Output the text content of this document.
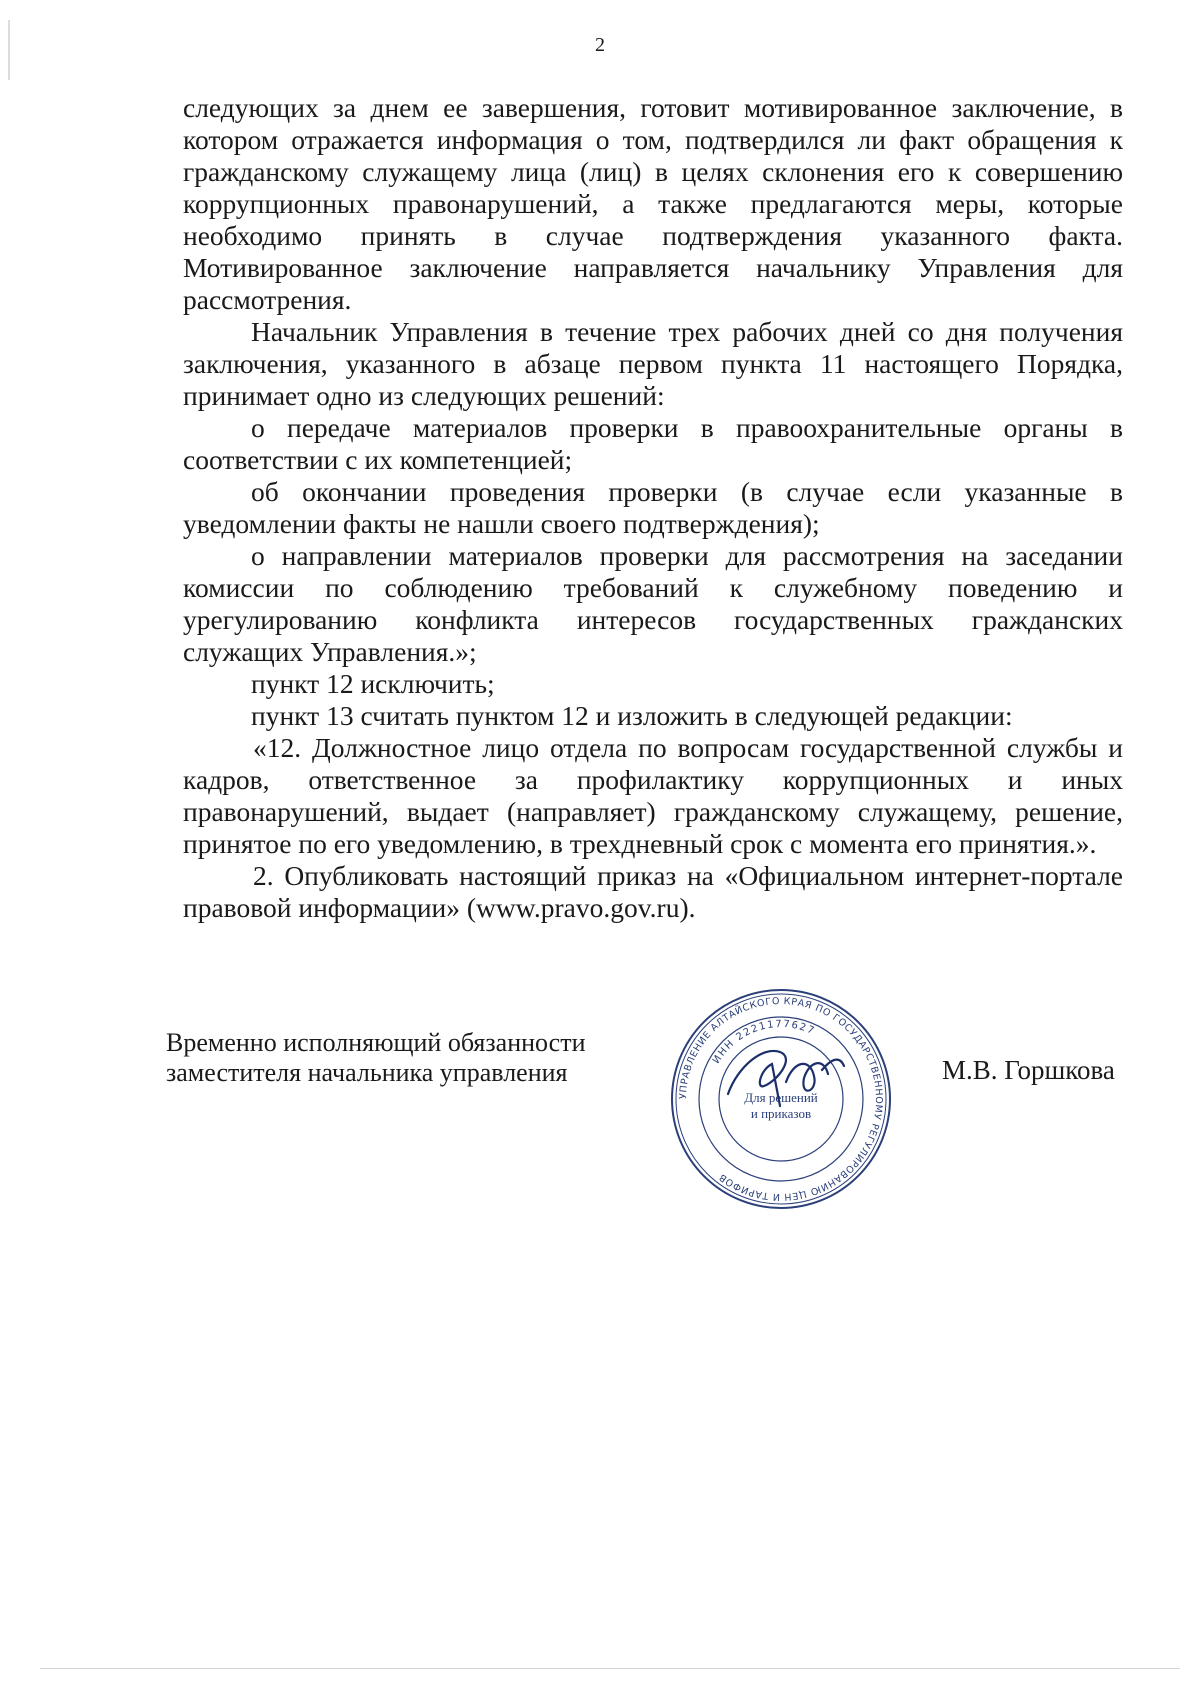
2

следующих за днем ее завершения, готовит мотивированное заключение, в котором отражается информация о том, подтвердился ли факт обращения к гражданскому служащему лица (лиц) в целях склонения его к совершению коррупционных правонарушений, а также предлагаются меры, которые необходимо принять в случае подтверждения указанного факта. Мотивированное заключение направляется начальнику Управления для рассмотрения.

Начальник Управления в течение трех рабочих дней со дня получения заключения, указанного в абзаце первом пункта 11 настоящего Порядка, принимает одно из следующих решений:

о передаче материалов проверки в правоохранительные органы в соответствии с их компетенцией;

об окончании проведения проверки (в случае если указанные в уведомлении факты не нашли своего подтверждения);

о направлении материалов проверки для рассмотрения на заседании комиссии по соблюдению требований к служебному поведению и урегулированию конфликта интересов государственных гражданских служащих Управления.»;

пункт 12 исключить;

пункт 13 считать пунктом 12 и изложить в следующей редакции:

«12. Должностное лицо отдела по вопросам государственной службы и кадров, ответственное за профилактику коррупционных и иных правонарушений, выдает (направляет) гражданскому служащему, решение, принятое по его уведомлению, в трехдневный срок с момента его принятия.».

2. Опубликовать настоящий приказ на «Официальном интернет-портале правовой информации» (www.pravo.gov.ru).

Временно исполняющий обязанности
заместителя начальника управления
УПРАВЛЕНИЕ АЛТАЙСКОГО КРАЯ ПО ГОСУДАРСТВЕННОМУ РЕГУЛИРОВАНИЮ ЦЕН И ТАРИФОВ
ИНН 2221177627
Для решений
и приказов
М.В. Горшкова
